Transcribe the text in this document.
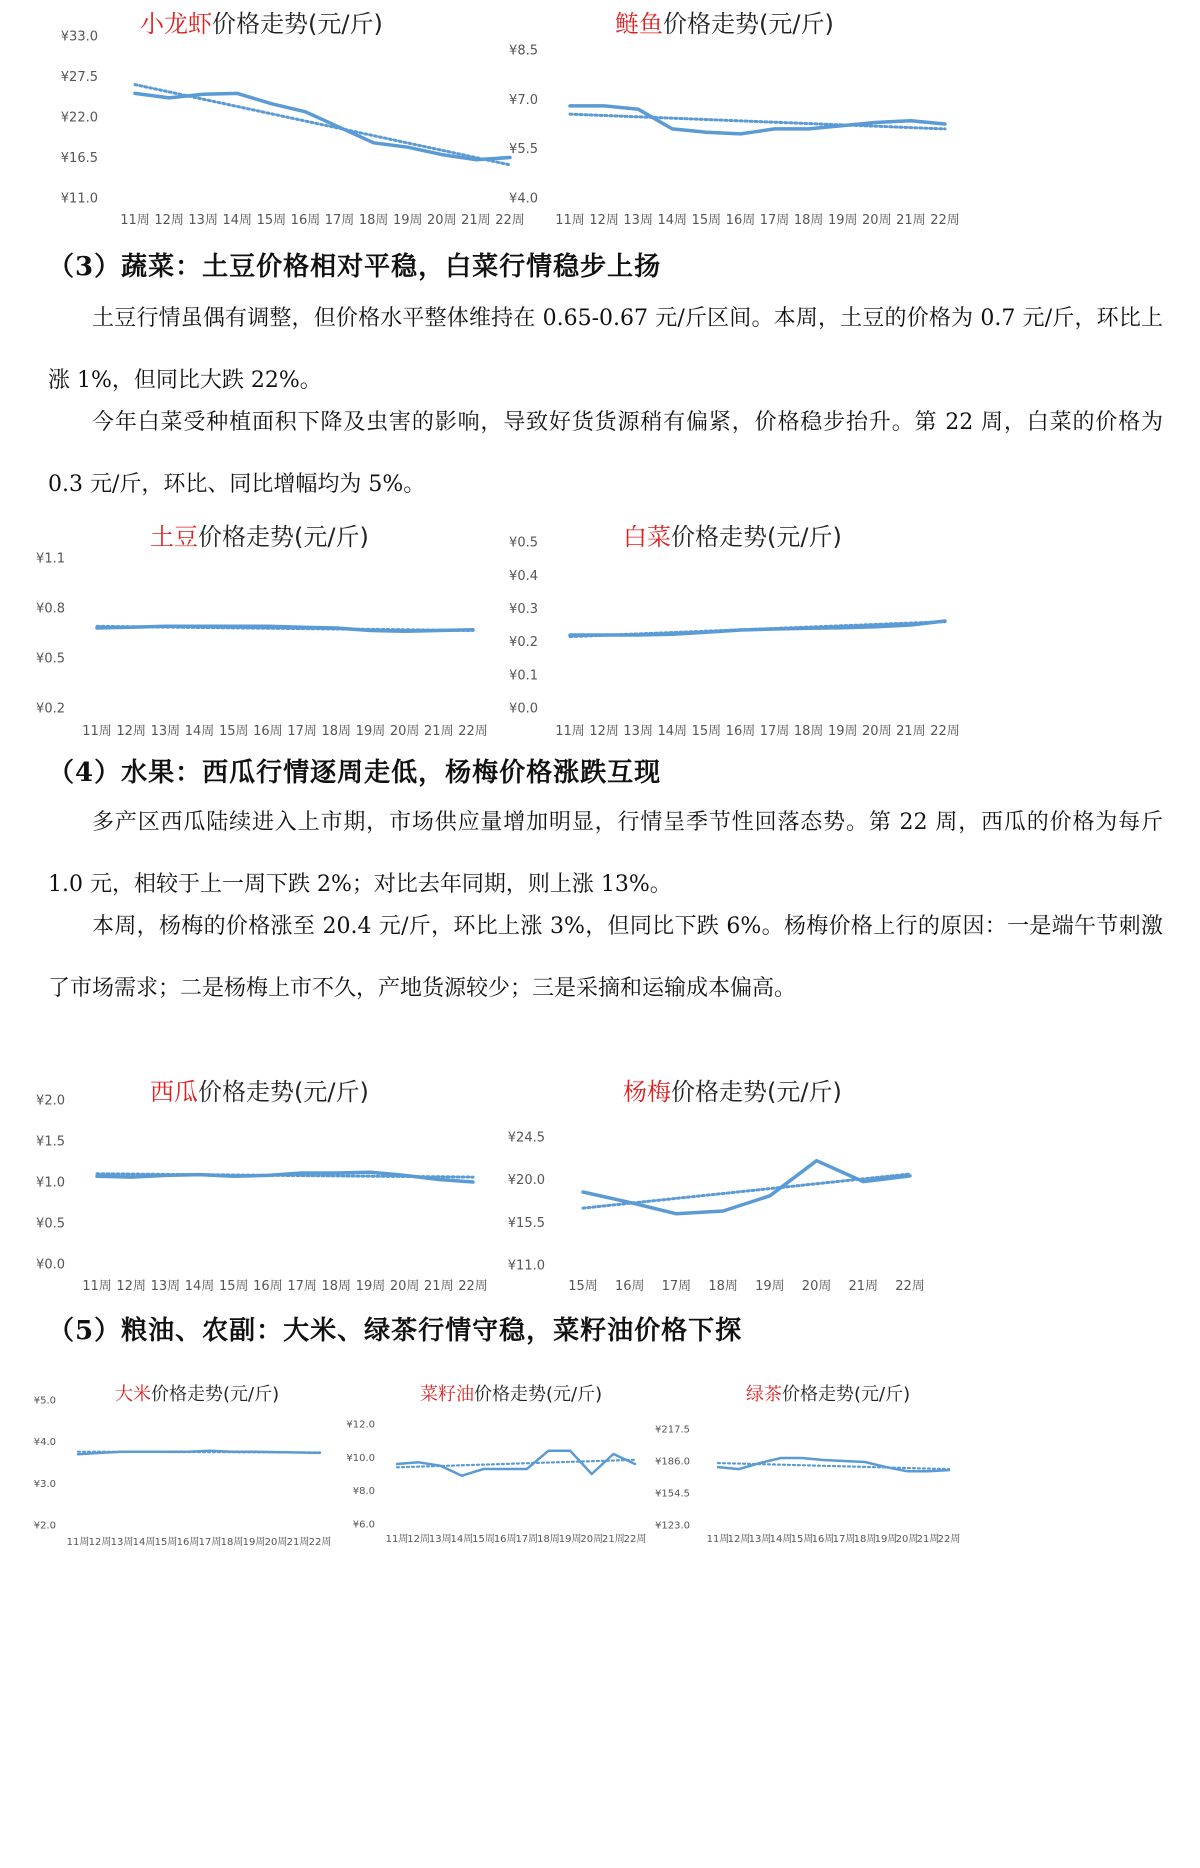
小龙虾价格走势(元/斤)
¥11.0
¥16.5
¥22.0
¥27.5
¥33.0
11周 12周 13周 14周 15周 16周 17周 18周 19周 20周 21周 22周
鲢鱼价格走势(元/斤)
¥4.0
¥5.5
¥7.0
¥8.5
11周 12周 13周 14周 15周 16周 17周 18周 19周 20周 21周 22周
（3）蔬菜：土豆价格相对平稳，白菜行情稳步上扬
土豆行情虽偶有调整，但价格水平整体维持在 0.65-0.67 元/斤区间。本周，土豆的价格为 0.7 元/斤，环比上涨 1%，但同比大跌 22%。
今年白菜受种植面积下降及虫害的影响，导致好货货源稍有偏紧，价格稳步抬升。第 22 周，白菜的价格为 0.3 元/斤，环比、同比增幅均为 5%。
土豆价格走势(元/斤)
¥0.2
¥0.5
¥0.8
¥1.1
11周 12周 13周 14周 15周 16周 17周 18周 19周 20周 21周 22周
白菜价格走势(元/斤)
¥0.0
¥0.1
¥0.2
¥0.3
¥0.4
¥0.5
11周 12周 13周 14周 15周 16周 17周 18周 19周 20周 21周 22周
（4）水果：西瓜行情逐周走低，杨梅价格涨跌互现
多产区西瓜陆续进入上市期，市场供应量增加明显，行情呈季节性回落态势。第 22 周，西瓜的价格为每斤 1.0 元，相较于上一周下跌 2%；对比去年同期，则上涨 13%。
本周，杨梅的价格涨至 20.4 元/斤，环比上涨 3%，但同比下跌 6%。杨梅价格上行的原因：一是端午节刺激了市场需求；二是杨梅上市不久，产地货源较少；三是采摘和运输成本偏高。
西瓜价格走势(元/斤)
¥0.0
¥0.5
¥1.0
¥1.5
¥2.0
11周 12周 13周 14周 15周 16周 17周 18周 19周 20周 21周 22周
杨梅价格走势(元/斤)
¥11.0
¥15.5
¥20.0
¥24.5
15周 16周 17周 18周 19周 20周 21周 22周
（5）粮油、农副：大米、绿茶行情守稳，菜籽油价格下探
大米价格走势(元/斤)
¥2.0
¥3.0
¥4.0
¥5.0
11周 12周 13周 14周 15周 16周 17周 18周 19周 20周 21周 22周
菜籽油价格走势(元/斤)
¥6.0
¥8.0
¥10.0
¥12.0
11周
12周
13周
14周
15周
16周
17周
18周
19周
20周
21周
22周
绿茶价格走势(元/斤)
¥123.0
¥154.5
¥186.0
¥217.5
11周
12周
13周
14周
15周
16周
17周
18周
19周
20周
21周
22周
